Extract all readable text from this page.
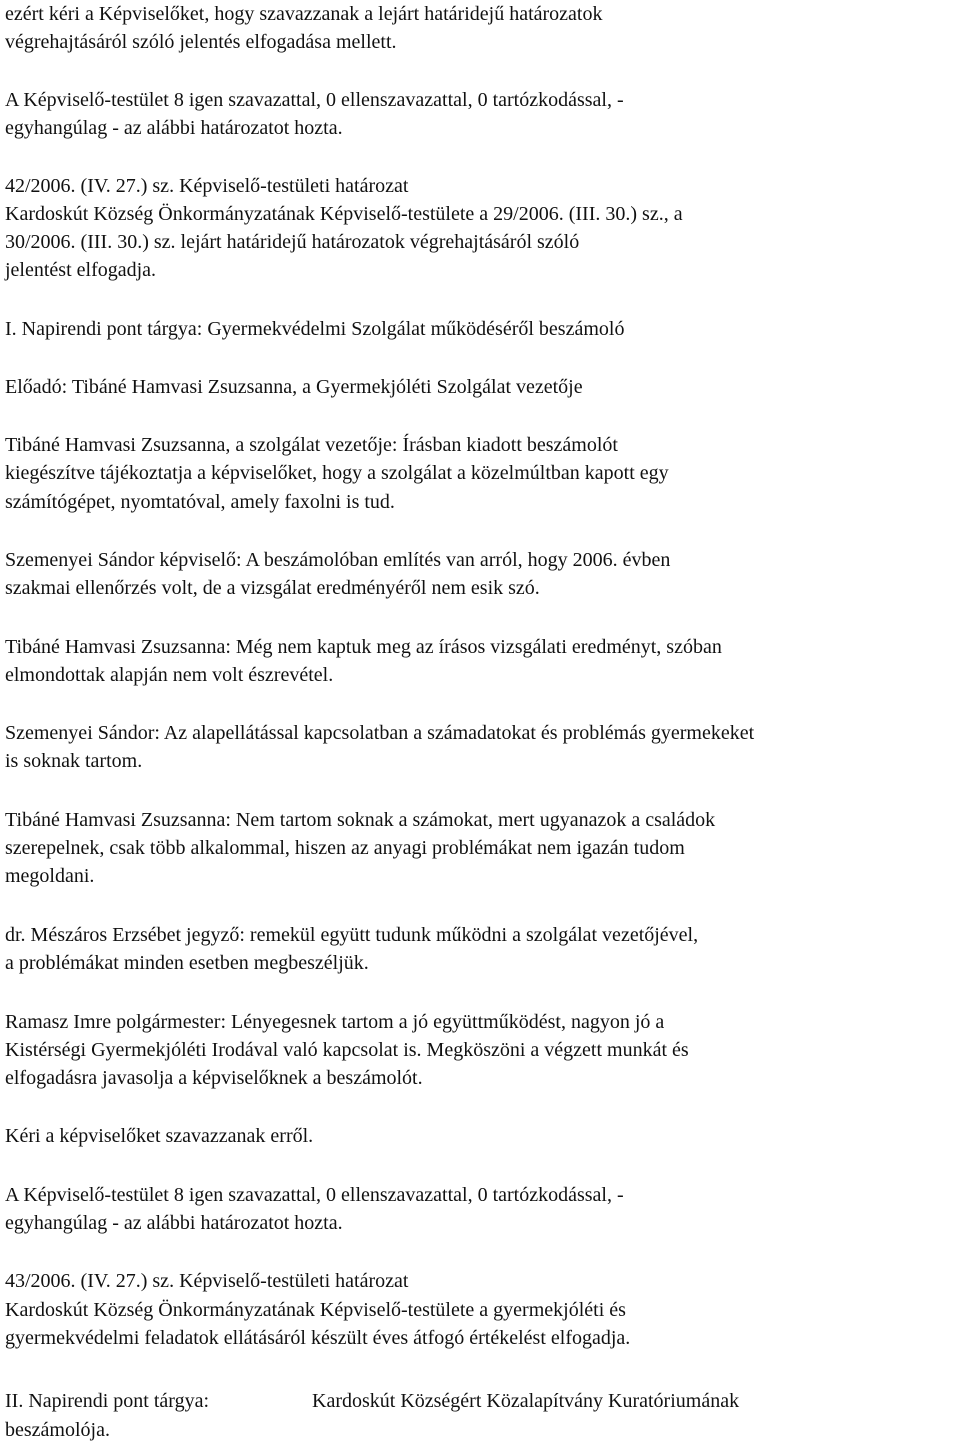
ezért kéri a Képviselőket, hogy szavazzanak a lejárt határidejű határozatok
végrehajtásáról szóló jelentés elfogadása mellett.
A Képviselő-testület 8 igen szavazattal, 0 ellenszavazattal, 0 tartózkodással, -
egyhangúlag - az alábbi határozatot hozta.
42/2006. (IV. 27.) sz. Képviselő-testületi határozat
Kardoskút Község Önkormányzatának Képviselő-testülete a 29/2006. (III. 30.) sz., a
30/2006. (III. 30.) sz. lejárt határidejű határozatok végrehajtásáról szóló
jelentést elfogadja.
I. Napirendi pont tárgya: Gyermekvédelmi Szolgálat működéséről beszámoló
Előadó: Tibáné Hamvasi Zsuzsanna, a Gyermekjóléti Szolgálat vezetője
Tibáné Hamvasi Zsuzsanna, a szolgálat vezetője: Írásban kiadott beszámolót
kiegészítve tájékoztatja a képviselőket, hogy a szolgálat a közelmúltban kapott egy
számítógépet, nyomtatóval, amely faxolni is tud.
Szemenyei Sándor képviselő: A beszámolóban említés van arról, hogy 2006. évben
szakmai ellenőrzés volt, de a vizsgálat eredményéről nem esik szó.
Tibáné Hamvasi Zsuzsanna: Még nem kaptuk meg az írásos vizsgálati eredményt, szóban
elmondottak alapján nem volt észrevétel.
Szemenyei Sándor: Az alapellátással kapcsolatban a számadatokat és problémás gyermekeket
is soknak tartom.
Tibáné Hamvasi Zsuzsanna: Nem tartom soknak a számokat, mert ugyanazok a családok
szerepelnek, csak több alkalommal, hiszen az anyagi problémákat nem igazán tudom
megoldani.
dr. Mészáros Erzsébet jegyző: remekül együtt tudunk működni a szolgálat vezetőjével,
a problémákat minden esetben megbeszéljük.
Ramasz Imre polgármester: Lényegesnek tartom a jó együttműködést, nagyon jó a
Kistérségi Gyermekjóléti Irodával való kapcsolat is. Megköszöni a végzett munkát és
elfogadásra javasolja a képviselőknek a beszámolót.
Kéri a képviselőket szavazzanak erről.
A Képviselő-testület 8 igen szavazattal, 0 ellenszavazattal, 0 tartózkodással, -
egyhangúlag - az alábbi határozatot hozta.
43/2006. (IV. 27.) sz. Képviselő-testületi határozat
Kardoskút Község Önkormányzatának Képviselő-testülete a gyermekjóléti és
gyermekvédelmi feladatok ellátásáról készült éves átfogó értékelést elfogadja.
II. Napirendi pont tárgya:	Kardoskút Községért Közalapítvány Kuratóriumának
beszámolója.
